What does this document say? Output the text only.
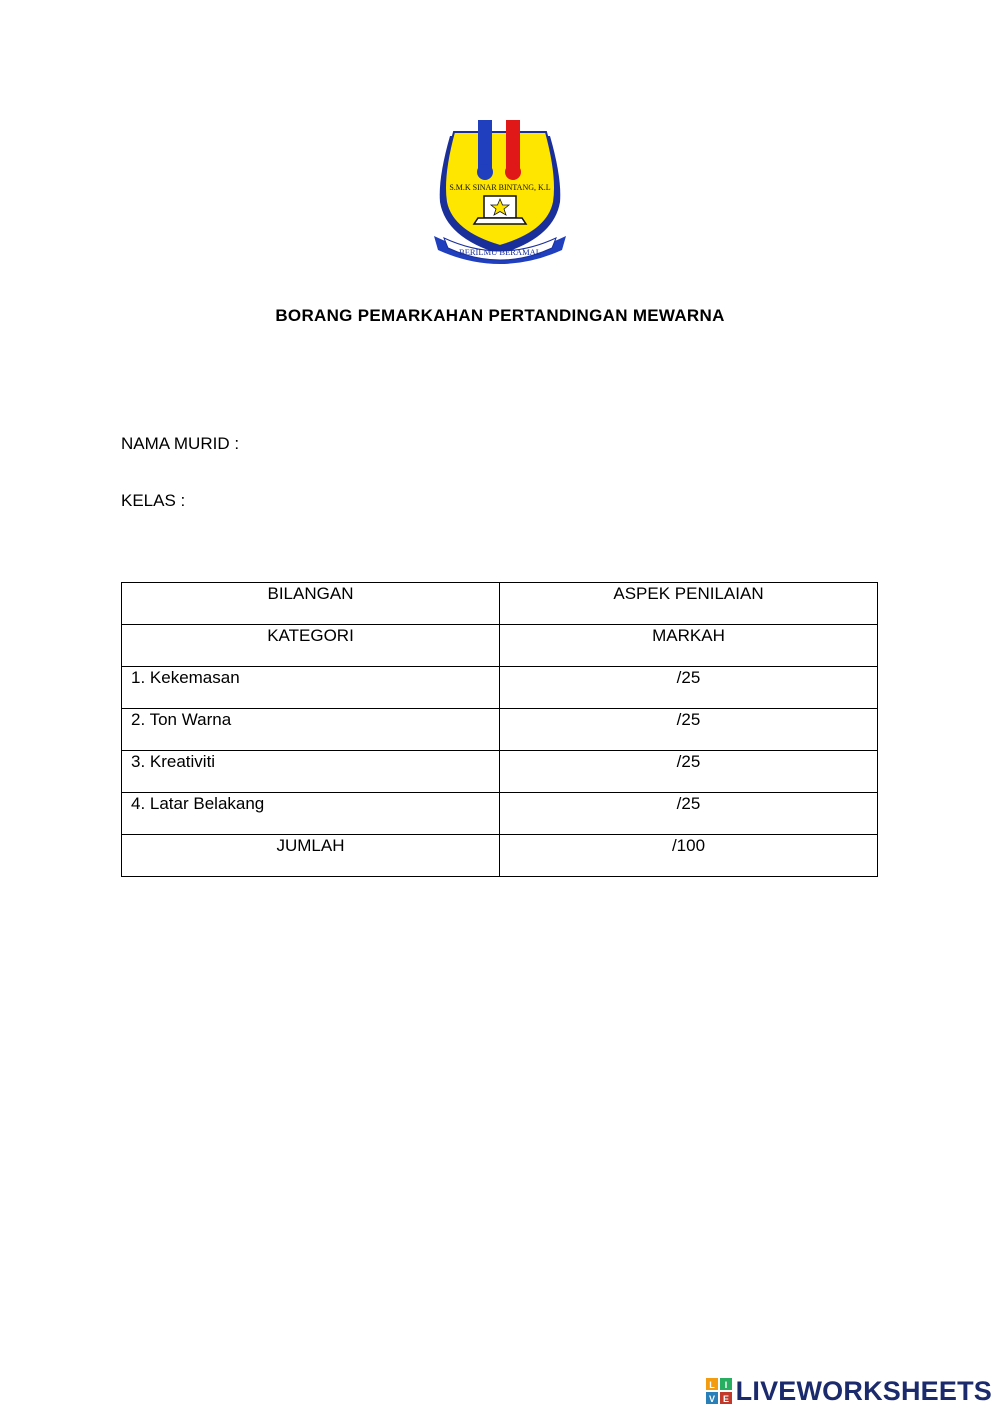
S.M.K SINAR BINTANG, K.L
BERILMU BERAMAL
BORANG PEMARKAHAN PERTANDINGAN MEWARNA
NAMA MURID :
KELAS :
BILANGAN	ASPEK PENILAIAN
KATEGORI	MARKAH
1. Kekemasan	/25
2. Ton Warna	/25
3. Kreativiti	/25
4. Latar Belakang	/25
JUMLAH	/100
L I
V E LIVEWORKSHEETS
